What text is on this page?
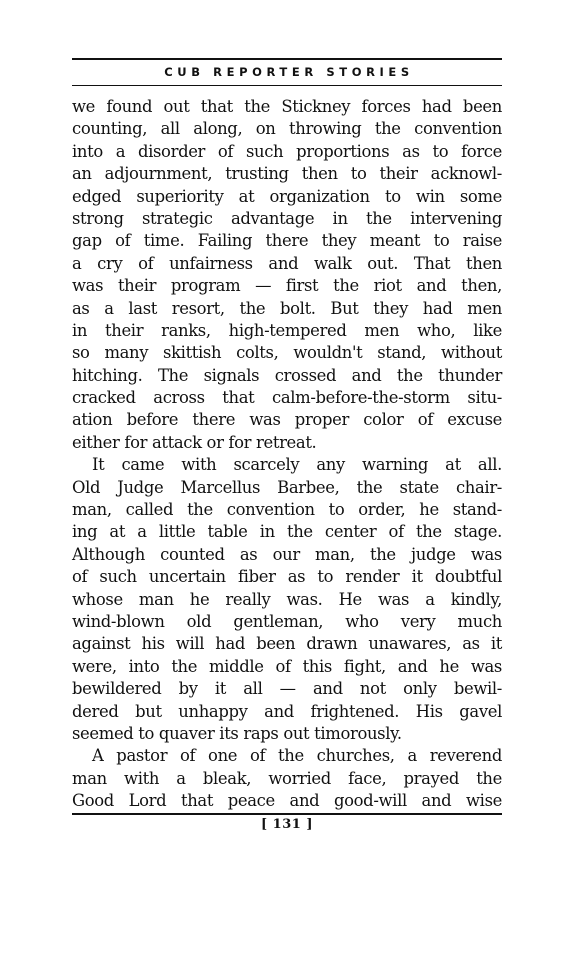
CUB REPORTER STORIES
we found out that the Stickney forces had been
counting, all along, on throwing the convention
into a disorder of such proportions as to force
an adjournment, trusting then to their acknowl-
edged superiority at organization to win some
strong strategic advantage in the intervening
gap of time. Failing there they meant to raise
a cry of unfairness and walk out. That then
was their program — first the riot and then,
as a last resort, the bolt. But they had men
in their ranks, high-tempered men who, like
so many skittish colts, wouldn't stand, without
hitching. The signals crossed and the thunder
cracked across that calm-before-the-storm situ-
ation before there was proper color of excuse
either for attack or for retreat.
It came with scarcely any warning at all.
Old Judge Marcellus Barbee, the state chair-
man, called the convention to order, he stand-
ing at a little table in the center of the stage.
Although counted as our man, the judge was
of such uncertain fiber as to render it doubtful
whose man he really was. He was a kindly,
wind-blown old gentleman, who very much
against his will had been drawn unawares, as it
were, into the middle of this fight, and he was
bewildered by it all — and not only bewil-
dered but unhappy and frightened. His gavel
seemed to quaver its raps out timorously.
A pastor of one of the churches, a reverend
man with a bleak, worried face, prayed the
Good Lord that peace and good-will and wise
[ 131 ]
